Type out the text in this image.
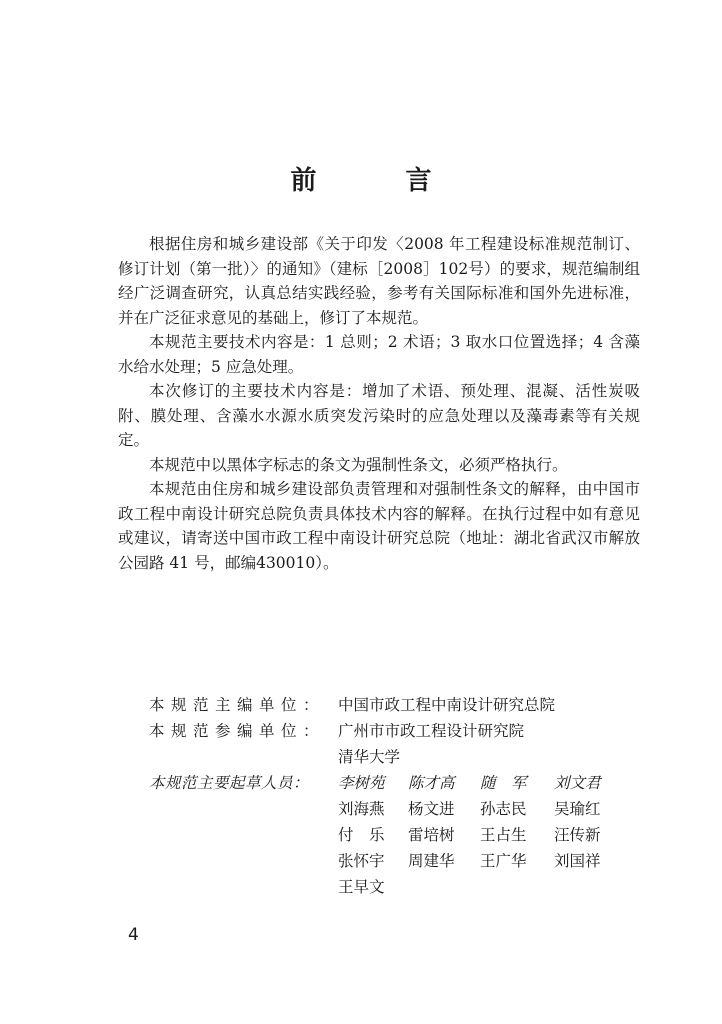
前 言

根据住房和城乡建设部《关于印发〈2008 年工程建设标准规范制订、修订计划（第一批）〉的通知》（建标［2008］102号）的要求，规范编制组经广泛调查研究，认真总结实践经验，参考有关国际标准和国外先进标准，并在广泛征求意见的基础上，修订了本规范。

本规范主要技术内容是：1 总则；2 术语；3 取水口位置选择；4 含藻水给水处理；5 应急处理。

本次修订的主要技术内容是：增加了术语、预处理、混凝、活性炭吸附、膜处理、含藻水水源水质突发污染时的应急处理以及藻毒素等有关规定。

本规范中以黑体字标志的条文为强制性条文，必须严格执行。

本规范由住房和城乡建设部负责管理和对强制性条文的解释，由中国市政工程中南设计研究总院负责具体技术内容的解释。在执行过程中如有意见或建议，请寄送中国市政工程中南设计研究总院（地址：湖北省武汉市解放公园路 41 号，邮编430010）。

本规范主编单位： 中国市政工程中南设计研究总院
本规范参编单位： 广州市市政工程设计研究院
清华大学
本规范主要起草人员：	李树苑	陈才高	随　军	刘文君
刘海燕	杨文进	孙志民	吴瑜红
付　乐	雷培树	王占生	汪传新
张怀宇	周建华	王广华	刘国祥
王早文
4
